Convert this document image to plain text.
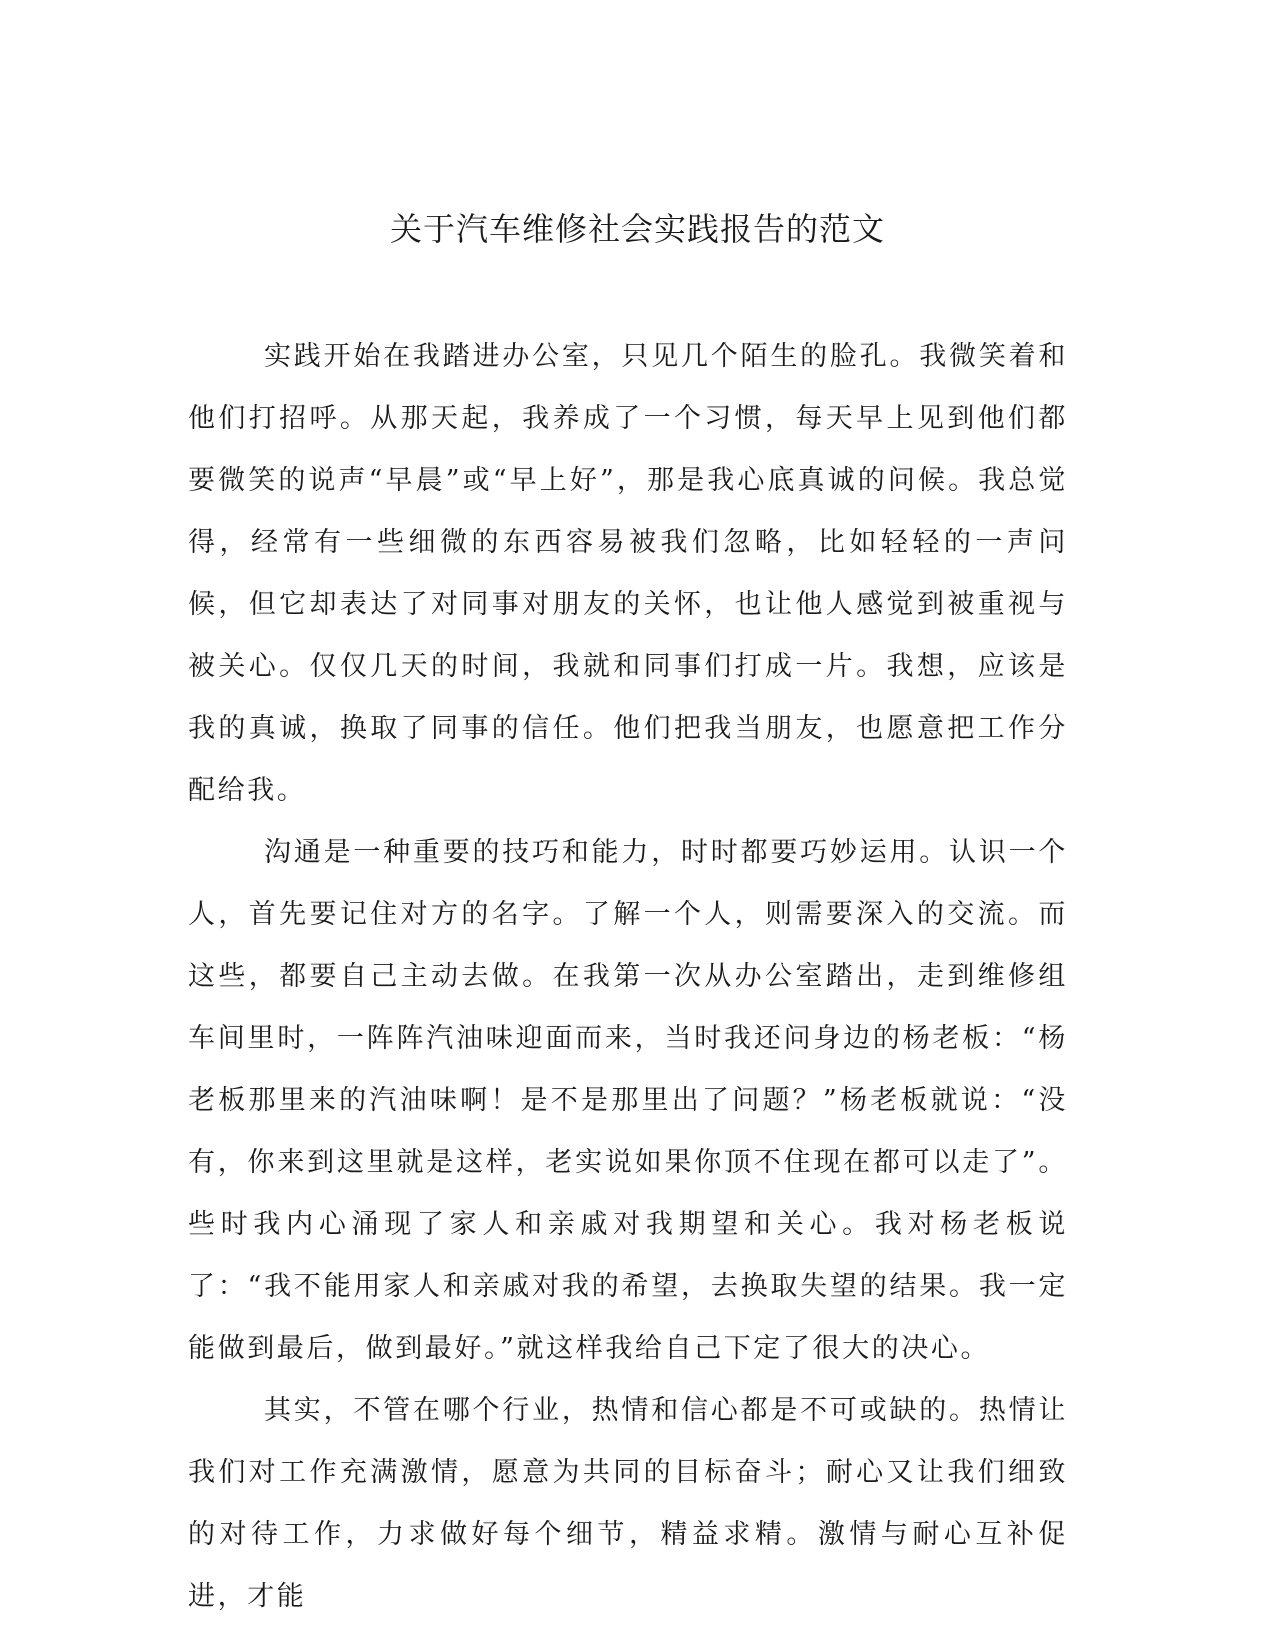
关于汽车维修社会实践报告的范文

实践开始在我踏进办公室，只见几个陌生的脸孔。我微笑着和他们打招呼。从那天起，我养成了一个习惯，每天早上见到他们都要微笑的说声“早晨”或“早上好”，那是我心底真诚的问候。我总觉得，经常有一些细微的东西容易被我们忽略，比如轻轻的一声问候，但它却表达了对同事对朋友的关怀，也让他人感觉到被重视与被关心。仅仅几天的时间，我就和同事们打成一片。我想，应该是我的真诚，换取了同事的信任。他们把我当朋友，也愿意把工作分配给我。

沟通是一种重要的技巧和能力，时时都要巧妙运用。认识一个人，首先要记住对方的名字。了解一个人，则需要深入的交流。而这些，都要自己主动去做。在我第一次从办公室踏出，走到维修组车间里时，一阵阵汽油味迎面而来，当时我还问身边的杨老板：“杨老板那里来的汽油味啊！是不是那里出了问题？”杨老板就说：“没有，你来到这里就是这样，老实说如果你顶不住现在都可以走了”。些时我内心涌现了家人和亲戚对我期望和关心。我对杨老板说了：“我不能用家人和亲戚对我的希望，去换取失望的结果。我一定能做到最后，做到最好。”就这样我给自己下定了很大的决心。

其实，不管在哪个行业，热情和信心都是不可或缺的。热情让我们对工作充满激情，愿意为共同的目标奋斗；耐心又让我们细致的对待工作，力求做好每个细节，精益求精。激情与耐心互补促进，才能
